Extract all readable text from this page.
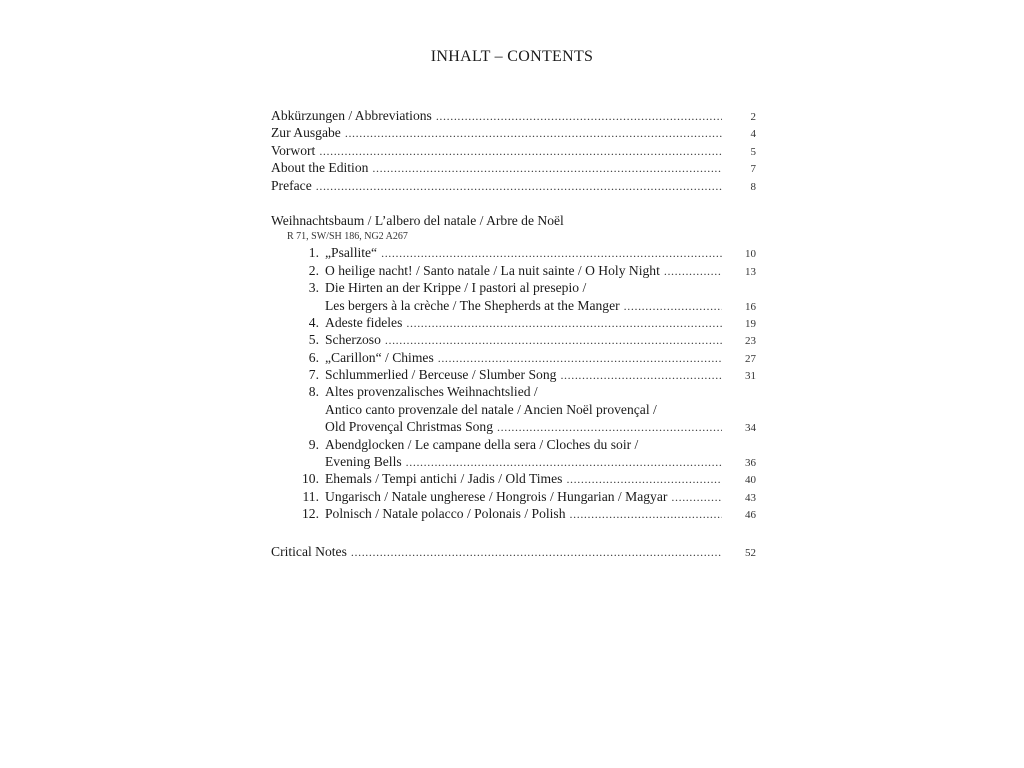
INHALT – CONTENTS
Abkürzungen / Abbreviations .....	2
Zur Ausgabe .....	4
Vorwort .....	5
About the Edition .....	7
Preface .....	8
Weihnachtsbaum / L’albero del natale / Arbre de Noël
R 71, SW/SH 186, NG2 A267
1. „Psallite“ .....	10
2. O heilige nacht! / Santo natale / La nuit sainte / O Holy Night .....	13
3. Die Hirten an der Krippe / I pastori al presepio /
Les bergers à la crèche / The Shepherds at the Manger .....	16
4. Adeste fideles .....	19
5. Scherzoso .....	23
6. „Carillon“ / Chimes .....	27
7. Schlummerlied / Berceuse / Slumber Song .....	31
8. Altes provenzalisches Weihnachtslied /
Antico canto provenzale del natale / Ancien Noël provençal /
Old Provençal Christmas Song .....	34
9. Abendglocken / Le campane della sera / Cloches du soir /
Evening Bells .....	36
10. Ehemals / Tempi antichi / Jadis / Old Times .....	40
11. Ungarisch / Natale ungherese / Hongrois / Hungarian / Magyar .....	43
12. Polnisch / Natale polacco / Polonais / Polish .....	46
Critical Notes .....	52
